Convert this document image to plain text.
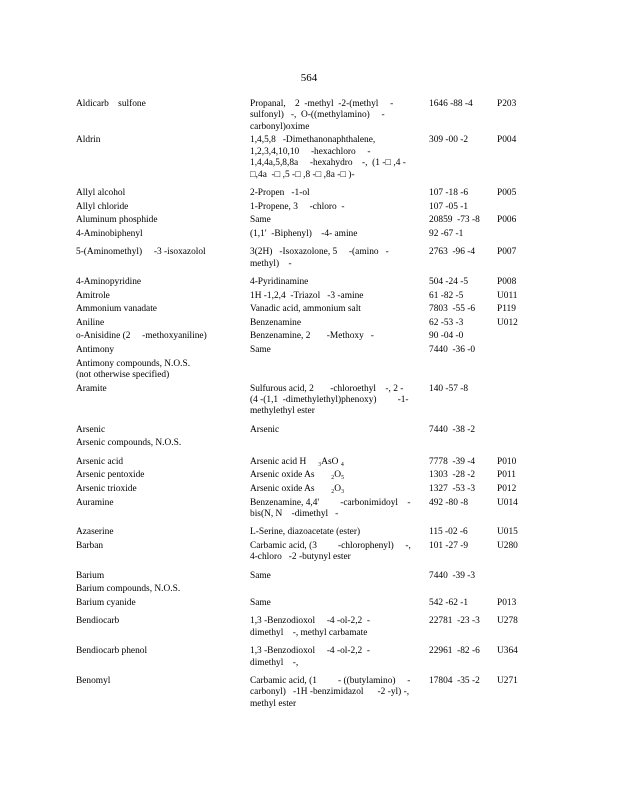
564
Aldicarb    sulfone	Propanal,    2  -methyl  -2-(methyl     -
sulfonyl)   -,  O-((methylamino)     -
carbonyl)oxime	1646 -88 -4	P203
Aldrin	1,4,5,8   -Dimethanonaphthalene,
1,2,3,4,10,10     -hexachloro     -
1,4,4a,5,8,8a     -hexahydro    -,  (1 -□ ,4 -
□,4a  -□ ,5 -□ ,8 -□ ,8a -□ )-	309 -00 -2	P004
Allyl alcohol	2-Propen   -1-ol	107 -18 -6	P005
Allyl chloride	1-Propene, 3     -chloro  -	107 -05 -1	
Aluminum phosphide	Same	20859  -73 -8	P006
4-Aminobiphenyl	(1,1'  -Biphenyl)    -4- amine	92 -67 -1	
5-(Aminomethyl)     -3 -isoxazolol	3(2H)   -Isoxazolone, 5     -(amino   -
methyl)    -	2763  -96 -4	P007
4-Aminopyridine	4-Pyridinamine	504 -24 -5	P008
Amitrole	1H -1,2,4  -Triazol   -3 -amine	61 -82 -5	U011
Ammonium vanadate	Vanadic acid, ammonium salt	7803  -55 -6	P119
Aniline	Benzenamine	62 -53 -3	U012
o-Anisidine (2     -methoxyaniline)	Benzenamine, 2       -Methoxy   -	90 -04 -0	
Antimony	Same	7440  -36 -0	
Antimony compounds, N.O.S.
(not otherwise specified)			
Aramite	Sulfurous acid, 2       -chloroethyl    -, 2 -
(4 -(1,1  -dimethylethyl)phenoxy)         -1-
methylethyl ester	140 -57 -8	
Arsenic	Arsenic	7440  -38 -2	
Arsenic compounds, N.O.S.			
Arsenic acid	Arsenic acid H     ₃AsO ₄	7778  -39 -4	P010
Arsenic pentoxide	Arsenic oxide As       ₂O₅	1303  -28 -2	P011
Arsenic trioxide	Arsenic oxide As       ₂O₃	1327  -53 -3	P012
Auramine	Benzenamine, 4,4'         -carbonimidoyl    -
bis(N, N    -dimethyl   -	492 -80 -8	U014
Azaserine	L-Serine, diazoacetate (ester)	115 -02 -6	U015
Barban	Carbamic acid, (3         -chlorophenyl)     -,
4-chloro   -2 -butynyl ester	101 -27 -9	U280
Barium	Same	7440  -39 -3	
Barium compounds, N.O.S.			
Barium cyanide	Same	542 -62 -1	P013
Bendiocarb	1,3 -Benzodioxol     -4 -ol-2,2  -
dimethyl    -, methyl carbamate	22781  -23 -3	U278
Bendiocarb phenol	1,3 -Benzodioxol     -4 -ol-2,2  -
dimethyl    -,	22961  -82 -6	U364
Benomyl	Carbamic acid, (1         - ((butylamino)     -
carbonyl)   -1H -benzimidazol      -2 -yl) -,
methyl ester	17804  -35 -2	U271
